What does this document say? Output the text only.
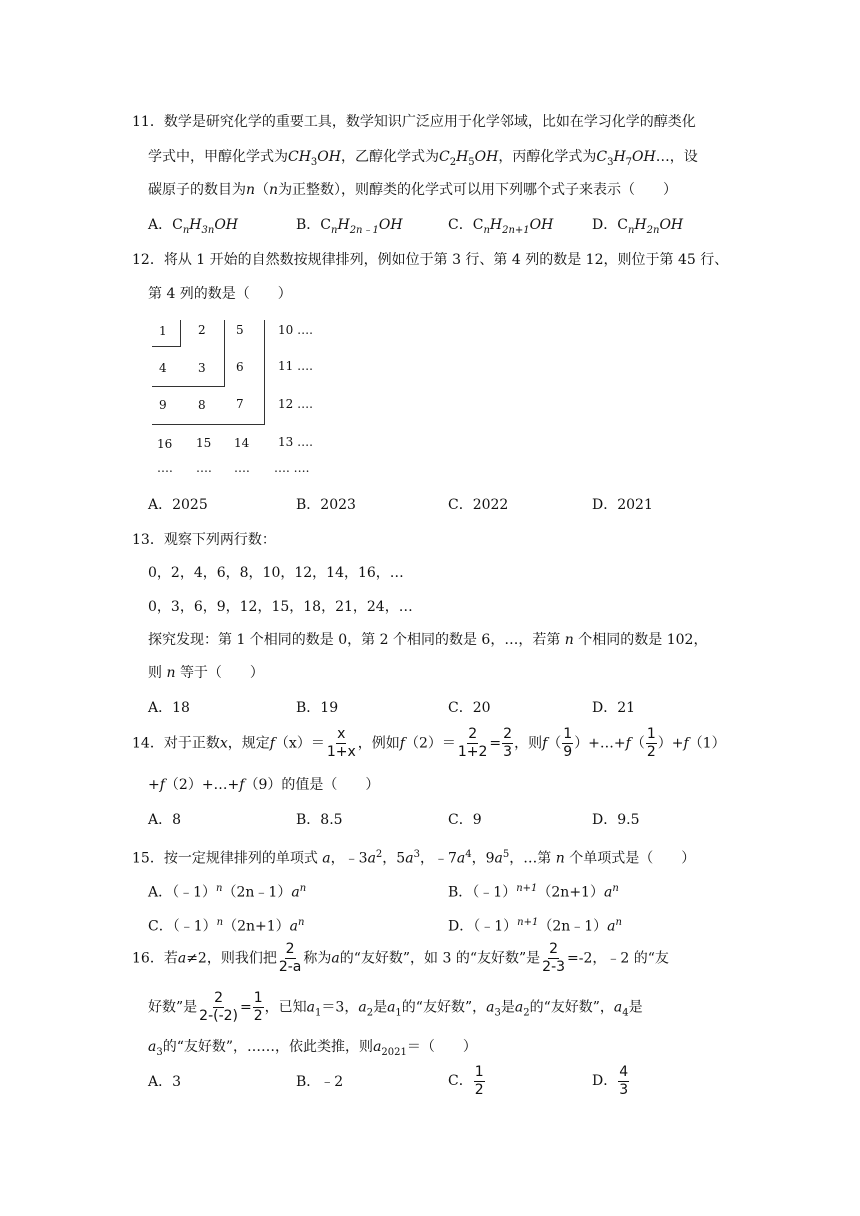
11．数学是研究化学的重要工具，数学知识广泛应用于化学邻域，比如在学习化学的醇类化
学式中，甲醇化学式为$CH_3OH$，乙醇化学式为$C_2H_5OH$，丙醇化学式为$C_3H_7OH\dots$，设
碳原子的数目为n（n为正整数），则醇类的化学式可以用下列哪个式子来表示（　　）
A．$C_nH_{3n}OH$	B．$C_nH_{2n﹣1}OH$	C．$C_nH_{2n+1}OH$	D．$C_nH_{2n}OH$
12．将从 1 开始的自然数按规律排列，例如位于第 3 行、第 4 列的数是 12，则位于第 45 行、
第 4 列的数是（　　）
1	2	5	10 ….
4	3	6	11 ….
9	8	7	12 ….
16 15 14 13 ….
…. …. …. …. ….
A．2025	B．2023	C．2022	D．2021
13．观察下列两行数：
0，2，4，6，8，10，12，14，16，…
0，3，6，9，12，15，18，21，24，…
探究发现：第 1 个相同的数是 0，第 2 个相同的数是 6，…，若第 n 个相同的数是 102，
则 n 等于（　　）
A．18	B．19	C．20	D．21
14．对于正数x，规定$f(x)= \frac{x}{1+x}$ ，例如$f(2)= \frac{2}{1+2} = \frac{2}{3}$ ，则$f( \frac{1}{9}$ ）+…+f（ $\frac{1}{2} )+f(1)$
+f（2）+…+f（9）的值是（　　）
A．8	B．8.5	C．9	D．9.5
15．按一定规律排列的单项式 a，$﹣3a^2$，$5a^3$，$﹣7a^4$，$9a^5$，…第 n 个单项式是（　　）
A．$(﹣1)^n(2n﹣1)a^n$	B．$(﹣1)^{n+1}(2n+1)a^n$
C．$(﹣1)^n(2n+1)a^n$	D．$(﹣1)^{n+1}(2n﹣1)a^n$
16．若a≠2，则我们把 $\frac{2}{2-a}$ 称为a的“友好数”，如 3 的“友好数”是 $\frac{2}{2-3} =-2$，﹣2 的“友
好数”是 $\frac{2}{2-(-2)} = \frac{1}{2}$ ，已知$a_1=3$，$a_2$是$a_1$的“友好数”，$a_3$是$a_2$的“友好数”，$a_4$是
$a_3$的“友好数”，……，依此类推，则$a_{2021}=$（　　）
A．3	B．﹣2	C． $\frac{1}{2}$	D． $\frac{4}{3}$
